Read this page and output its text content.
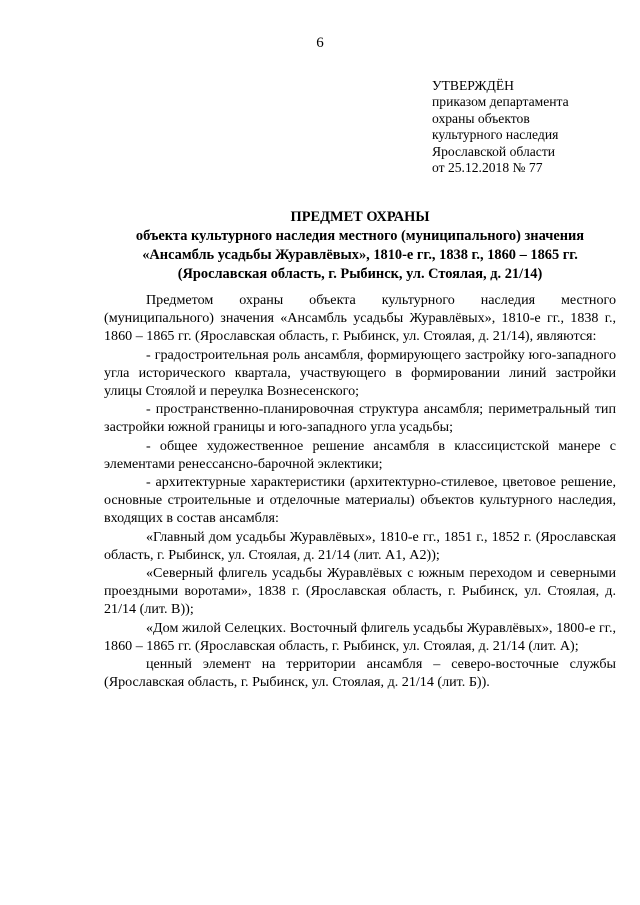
6
УТВЕРЖДЁН
приказом департамента
охраны объектов
культурного наследия
Ярославской области
от 25.12.2018 № 77
ПРЕДМЕТ ОХРАНЫ
объекта культурного наследия местного (муниципального) значения
«Ансамбль усадьбы Журавлёвых», 1810-е гг., 1838 г., 1860 – 1865 гг.
(Ярославская область, г. Рыбинск, ул. Стоялая, д. 21/14)

Предметом охраны объекта культурного наследия местного (муниципального) значения «Ансамбль усадьбы Журавлёвых», 1810-е гг., 1838 г., 1860 – 1865 гг. (Ярославская область, г. Рыбинск, ул. Стоялая, д. 21/14), являются:

- градостроительная роль ансамбля, формирующего застройку юго-западного угла исторического квартала, участвующего в формировании линий застройки улицы Стоялой и переулка Вознесенского;

- пространственно-планировочная структура ансамбля; периметральный тип застройки южной границы и юго-западного угла усадьбы;

- общее художественное решение ансамбля в классицистской манере с элементами ренессансно-барочной эклектики;

- архитектурные характеристики (архитектурно-стилевое, цветовое решение, основные строительные и отделочные материалы) объектов культурного наследия, входящих в состав ансамбля:

«Главный дом усадьбы Журавлёвых», 1810-е гг., 1851 г., 1852 г. (Ярославская область, г. Рыбинск, ул. Стоялая, д. 21/14 (лит. А1, А2));

«Северный флигель усадьбы Журавлёвых с южным переходом и северными проездными воротами», 1838 г. (Ярославская область, г. Рыбинск, ул. Стоялая, д. 21/14 (лит. В));

«Дом жилой Селецких. Восточный флигель усадьбы Журавлёвых», 1800-е гг., 1860 – 1865 гг. (Ярославская область, г. Рыбинск, ул. Стоялая, д. 21/14 (лит. А);

ценный элемент на территории ансамбля – северо-восточные службы (Ярославская область, г. Рыбинск, ул. Стоялая, д. 21/14 (лит. Б)).
